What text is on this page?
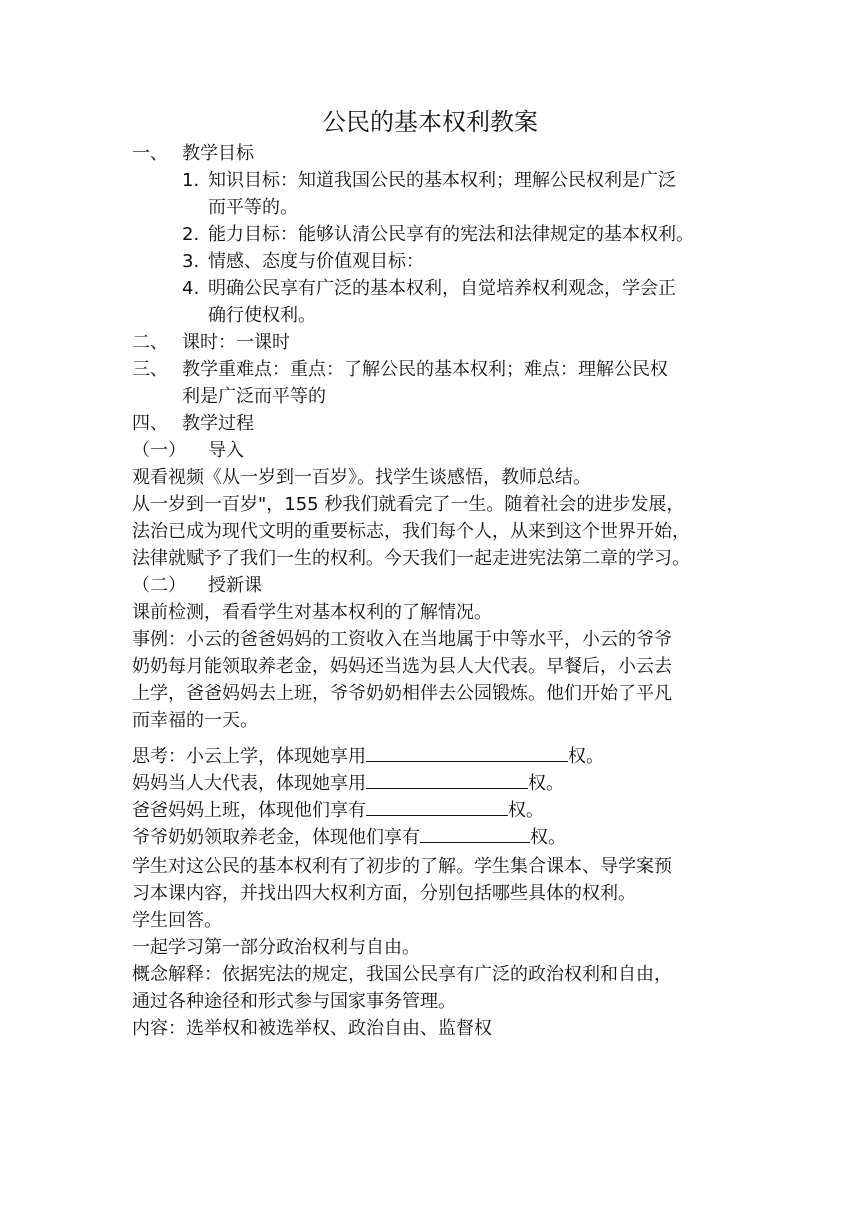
公民的基本权利教案
一、 教学目标
1. 知识目标：知道我国公民的基本权利；理解公民权利是广泛
而平等的。
2. 能力目标：能够认清公民享有的宪法和法律规定的基本权利。
3. 情感、态度与价值观目标：
4. 明确公民享有广泛的基本权利，自觉培养权利观念，学会正
确行使权利。
二、 课时：一课时
三、 教学重难点：重点：了解公民的基本权利；难点：理解公民权
利是广泛而平等的
四、 教学过程
（一） 导入
观看视频《从一岁到一百岁》。找学生谈感悟，教师总结。
从一岁到一百岁"，155 秒我们就看完了一生。随着社会的进步发展，
法治已成为现代文明的重要标志，我们每个人，从来到这个世界开始，
法律就赋予了我们一生的权利。今天我们一起走进宪法第二章的学习。
（二） 授新课
课前检测，看看学生对基本权利的了解情况。
事例：小云的爸爸妈妈的工资收入在当地属于中等水平，小云的爷爷
奶奶每月能领取养老金，妈妈还当选为县人大代表。早餐后，小云去
上学，爸爸妈妈去上班，爷爷奶奶相伴去公园锻炼。他们开始了平凡
而幸福的一天。
思考：小云上学，体现她享用	权。
妈妈当人大代表，体现她享用	权。
爸爸妈妈上班，体现他们享有	权。
爷爷奶奶领取养老金，体现他们享有	权。
学生对这公民的基本权利有了初步的了解。学生集合课本、导学案预
习本课内容，并找出四大权利方面，分别包括哪些具体的权利。
学生回答。
一起学习第一部分政治权利与自由。
概念解释：依据宪法的规定，我国公民享有广泛的政治权利和自由，
通过各种途径和形式参与国家事务管理。
内容：选举权和被选举权、政治自由、监督权
